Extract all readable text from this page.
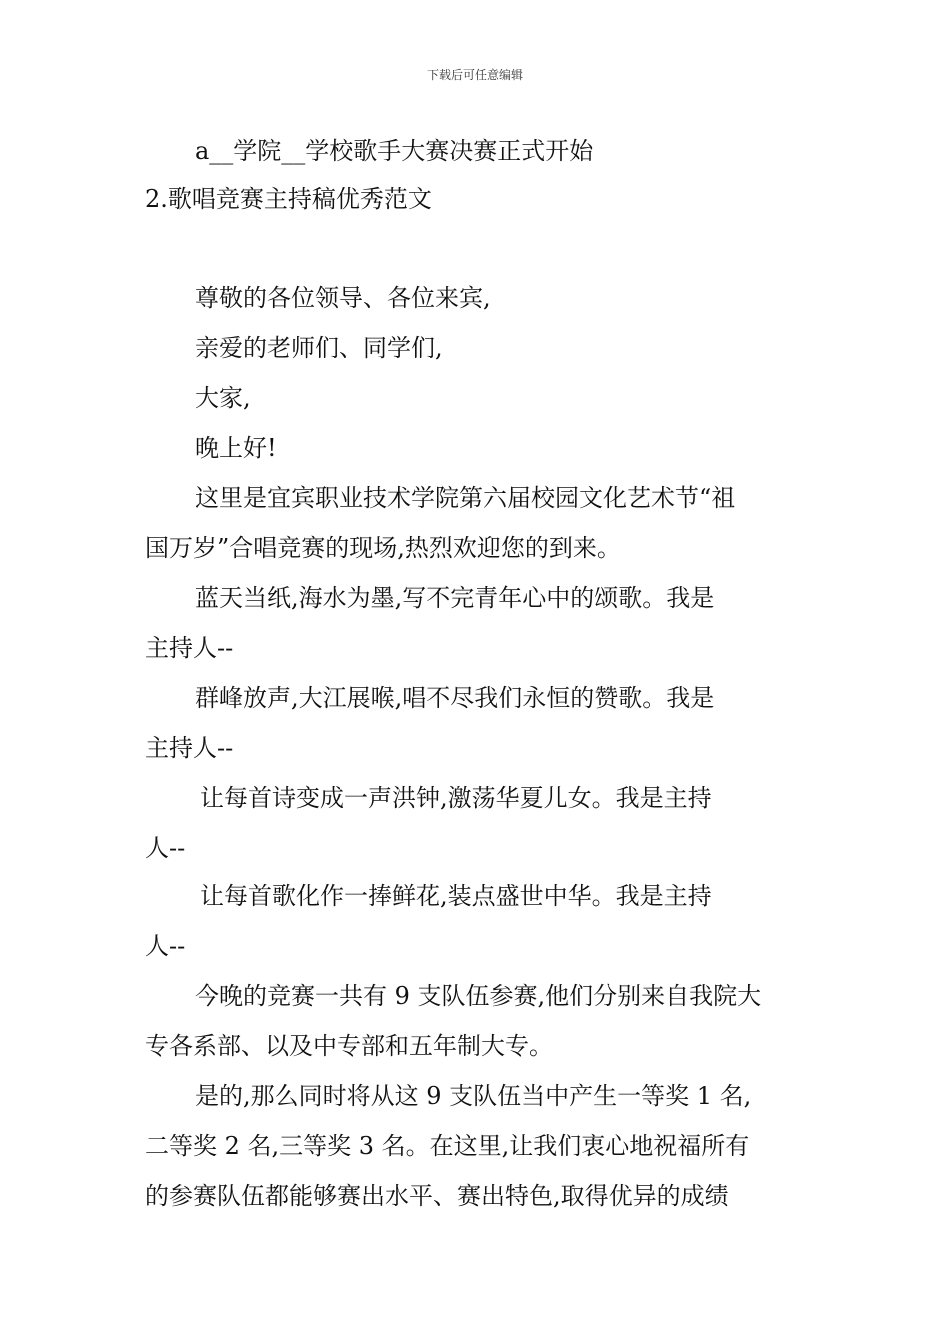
下载后可任意编辑
a__学院__学校歌手大赛决赛正式开始
2.歌唱竞赛主持稿优秀范文
尊敬的各位领导、各位来宾,
亲爱的老师们、同学们,
大家,
晚上好!
这里是宜宾职业技术学院第六届校园文化艺术节“祖
国万岁”合唱竞赛的现场,热烈欢迎您的到来。
蓝天当纸,海水为墨,写不完青年心中的颂歌。我是
主持人--
群峰放声,大江展喉,唱不尽我们永恒的赞歌。我是
主持人--
让每首诗变成一声洪钟,激荡华夏儿女。我是主持
人--
让每首歌化作一捧鲜花,装点盛世中华。我是主持
人--
今晚的竞赛一共有 9 支队伍参赛,他们分别来自我院大
专各系部、以及中专部和五年制大专。
是的,那么同时将从这 9 支队伍当中产生一等奖 1 名,
二等奖 2 名,三等奖 3 名。在这里,让我们衷心地祝福所有
的参赛队伍都能够赛出水平、赛出特色,取得优异的成绩
